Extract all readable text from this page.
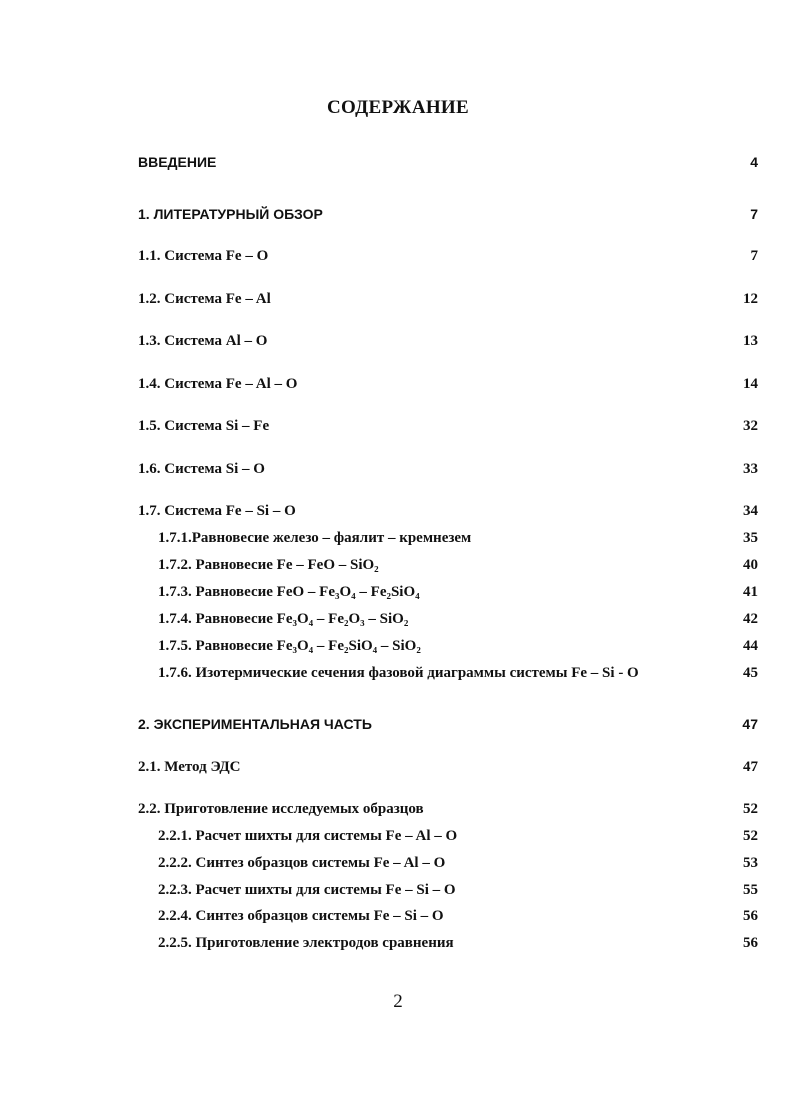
СОДЕРЖАНИЕ
ВВЕДЕНИЕ	4
1. ЛИТЕРАТУРНЫЙ ОБЗОР	7
1.1. Система Fe – O	7
1.2. Система Fe – Al	12
1.3. Система Al – O	13
1.4. Система Fe – Al – O	14
1.5. Система Si – Fe	32
1.6. Система Si – O	33
1.7. Система Fe – Si – O	34
1.7.1.Равновесие железо – фаялит – кремнезем	35
1.7.2. Равновесие Fe – FeO – SiO₂	40
1.7.3. Равновесие FeO – Fe₃O₄ – Fe₂SiO₄	41
1.7.4. Равновесие Fe₃O₄ – Fe₂O₃ – SiO₂	42
1.7.5. Равновесие Fe₃O₄ – Fe₂SiO₄ – SiO₂	44
1.7.6. Изотермические сечения фазовой диаграммы системы Fe – Si - O	45
2. ЭКСПЕРИМЕНТАЛЬНАЯ ЧАСТЬ	47
2.1. Метод ЭДС	47
2.2. Приготовление исследуемых образцов	52
2.2.1. Расчет шихты для системы Fe – Al – O	52
2.2.2. Синтез образцов системы Fe – Al – O	53
2.2.3. Расчет шихты для системы Fe – Si – O	55
2.2.4. Синтез образцов системы Fe – Si – O	56
2.2.5. Приготовление электродов сравнения	56
2
